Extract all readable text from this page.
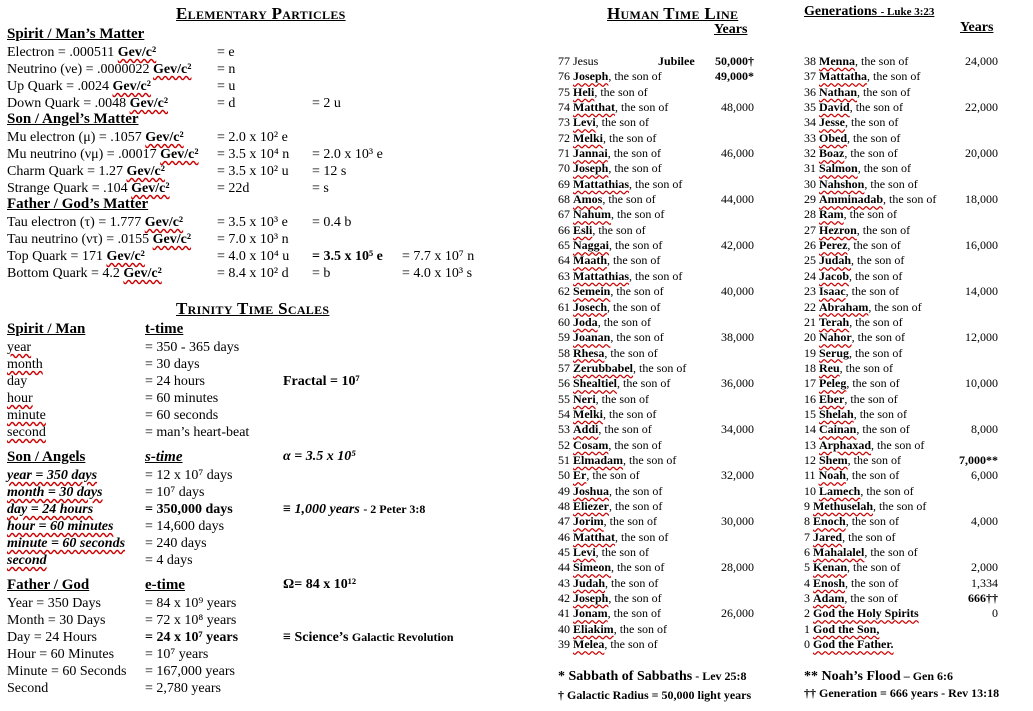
Elementary Particles
Spirit / Man’s Matter
Electron = .000511 Gev/c²	= e
Neutrino (νe) = .0000022 Gev/c² = n
Up Quark = .0024 Gev/c²	= u
Down Quark = .0048 Gev/c²	= d	= 2 u
Son / Angel’s Matter
Mu electron (μ) = .1057 Gev/c² = 2.0 x 10² e
Mu neutrino (νμ) = .00017 Gev/c² = 3.5 x 10⁴ n = 2.0 x 10³ e
Charm Quark = 1.27 Gev/c²	= 3.5 x 10² u = 12 s
Strange Quark = .104 Gev/c²	= 22d	= s
Father / God’s Matter
Tau electron (τ) = 1.777 Gev/c² = 3.5 x 10³ e = 0.4 b
Tau neutrino (ντ) = .0155 Gev/c² = 7.0 x 10³ n
Top Quark = 171 Gev/c²	= 4.0 x 10⁴ u = 3.5 x 10⁵ e = 7.7 x 10⁷ n
Bottom Quark = 4.2 Gev/c²	= 8.4 x 10² d = b	= 4.0 x 10³ s
Trinity Time Scales
Spirit / Man	t-time
year	= 350 - 365 days
month	= 30 days
day	= 24 hours	Fractal = 10⁷
hour	= 60 minutes
minute	= 60 seconds
second	= man’s heart-beat
Son / Angels	s-time	α = 3.5 x 10⁵
year = 350 days	= 12 x 10⁷ days
month = 30 days	= 10⁷ days
day = 24 hours	= 350,000 days	≡ 1,000 years - 2 Peter 3:8
hour = 60 minutes = 14,600 days
minute = 60 seconds = 240 days
second	= 4 days
Father / God	e-time	Ω= 84 x 10¹²
Year = 350 Days	= 84 x 10⁹ years
Month = 30 Days	= 72 x 10⁸ years
Day = 24 Hours	= 24 x 10⁷ years	≡ Science’s Galactic Revolution
Hour = 60 Minutes = 10⁷ years
Minute = 60 Seconds = 167,000 years
Second	= 2,780 years
Human Time Line
Years
Generations - Luke 3:23
Years
77 Jesus	Jubilee	50,000†
76 Joseph, the son of	49,000*
75 Heli, the son of
74 Matthat, the son of	48,000
73 Levi, the son of
72 Melki, the son of
71 Jannai, the son of	46,000
70 Joseph, the son of
69 Mattathias, the son of
68 Amos, the son of	44,000
67 Nahum, the son of
66 Esli, the son of
65 Naggai, the son of	42,000
64 Maath, the son of
63 Mattathias, the son of
62 Semein, the son of	40,000
61 Josech, the son of
60 Joda, the son of
59 Joanan, the son of	38,000
58 Rhesa, the son of
57 Zerubbabel, the son of
56 Shealtiel, the son of	36,000
55 Neri, the son of
54 Melki, the son of
53 Addi, the son of	34,000
52 Cosam, the son of
51 Elmadam, the son of
50 Er, the son of	32,000
49 Joshua, the son of
48 Eliezer, the son of
47 Jorim, the son of	30,000
46 Matthat, the son of
45 Levi, the son of
44 Simeon, the son of	28,000
43 Judah, the son of
42 Joseph, the son of
41 Jonam, the son of	26,000
40 Eliakim, the son of
39 Melea, the son of
38 Menna, the son of	24,000
37 Mattatha, the son of
36 Nathan, the son of
35 David, the son of	22,000
34 Jesse, the son of
33 Obed, the son of
32 Boaz, the son of	20,000
31 Salmon, the son of
30 Nahshon, the son of
29 Amminadab, the son of	18,000
28 Ram, the son of
27 Hezron, the son of
26 Perez, the son of	16,000
25 Judah, the son of
24 Jacob, the son of
23 Isaac, the son of	14,000
22 Abraham, the son of
21 Terah, the son of
20 Nahor, the son of	12,000
19 Serug, the son of
18 Reu, the son of
17 Peleg, the son of	10,000
16 Eber, the son of
15 Shelah, the son of
14 Cainan, the son of	8,000
13 Arphaxad, the son of
12 Shem, the son of	7,000**
11 Noah, the son of	6,000
10 Lamech, the son of
9 Methuselah, the son of
8 Enoch, the son of	4,000
7 Jared, the son of
6 Mahalalel, the son of
5 Kenan, the son of	2,000
4 Enosh, the son of	1,334
3 Adam, the son of	666††
2 God the Holy Spirits	0
1 God the Son,
0 God the Father.
* Sabbath of Sabbaths - Lev 25:8
† Galactic Radius = 50,000 light years
** Noah’s Flood – Gen 6:6
†† Generation = 666 years - Rev 13:18
